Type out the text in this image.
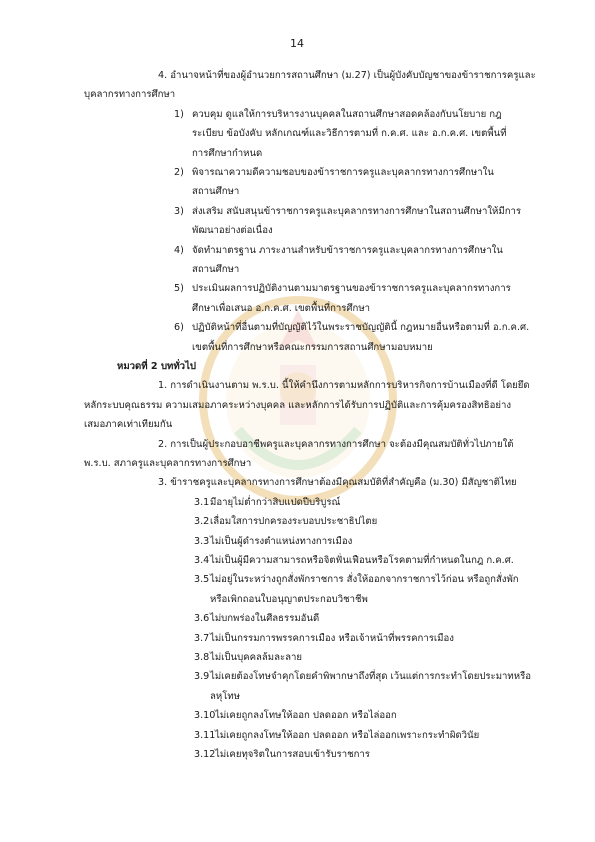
14
4. อำนาจหน้าที่ของผู้อำนวยการสถานศึกษา (ม.27) เป็นผู้บังคับบัญชาของข้าราชการครูและ
บุคลากรทางการศึกษา
1) ควบคุม ดูแลให้การบริหารงานบุคคลในสถานศึกษาสอดคล้องกับนโยบาย กฎ
ระเบียบ ข้อบังคับ หลักเกณฑ์และวิธีการตามที่ ก.ค.ศ. และ อ.ก.ค.ศ. เขตพื้นที่
การศึกษากำหนด
2) พิจารณาความดีความชอบของข้าราชการครูและบุคลากรทางการศึกษาใน
สถานศึกษา
3) ส่งเสริม สนับสนุนข้าราชการครูและบุคลากรทางการศึกษาในสถานศึกษาให้มีการ
พัฒนาอย่างต่อเนื่อง
4) จัดทำมาตรฐาน ภาระงานสำหรับข้าราชการครูและบุคลากรทางการศึกษาใน
สถานศึกษา
5) ประเมินผลการปฏิบัติงานตามมาตรฐานของข้าราชการครูและบุคลากรทางการ
ศึกษาเพื่อเสนอ อ.ก.ค.ศ. เขตพื้นที่การศึกษา
6) ปฏิบัติหน้าที่อื่นตามที่บัญญัติไว้ในพระราชบัญญัตินี้ กฎหมายอื่นหรือตามที่ อ.ก.ค.ศ.
เขตพื้นที่การศึกษาหรือคณะกรรมการสถานศึกษามอบหมาย
หมวดที่ 2 บททั่วไป
1. การดำเนินงานตาม พ.ร.บ. นี้ให้คำนึงการตามหลักการบริหารกิจการบ้านเมืองที่ดี โดยยึด
หลักระบบคุณธรรม ความเสมอภาคระหว่างบุคคล และหลักการได้รับการปฏิบัติและการคุ้มครองสิทธิอย่าง
เสมอภาคเท่าเทียมกัน
2. การเป็นผู้ประกอบอาชีพครูและบุคลากรทางการศึกษา จะต้องมีคุณสมบัติทั่วไปภายใต้
พ.ร.บ. สภาครูและบุคลากรทางการศึกษา
3. ข้าราชครูและบุคลากรทางการศึกษาต้องมีคุณสมบัติที่สำคัญคือ (ม.30) มีสัญชาติไทย
3.1 มีอายุไม่ต่ำกว่าสิบแปดปีบริบูรณ์
3.2 เลื่อมใสการปกครองระบอบประชาธิปไตย
3.3 ไม่เป็นผู้ดำรงตำแหน่งทางการเมือง
3.4 ไม่เป็นผู้มีความสามารถหรือจิตฟั่นเฟือนหรือโรคตามที่กำหนดในกฎ ก.ค.ศ.
3.5 ไม่อยู่ในระหว่างถูกสั่งพักราชการ สั่งให้ออกจากราชการไว้ก่อน หรือถูกสั่งพัก
หรือเพิกถอนใบอนุญาตประกอบวิชาชีพ
3.6 ไม่บกพร่องในศีลธรรมอันดี
3.7 ไม่เป็นกรรมการพรรคการเมือง หรือเจ้าหน้าที่พรรคการเมือง
3.8 ไม่เป็นบุคคลล้มละลาย
3.9 ไม่เคยต้องโทษจำคุกโดยคำพิพากษาถึงที่สุด เว้นแต่การกระทำโดยประมาทหรือ
ลหุโทษ
3.10 ไม่เคยถูกลงโทษให้ออก ปลดออก หรือไล่ออก
3.11 ไม่เคยถูกลงโทษให้ออก ปลดออก หรือไล่ออกเพราะกระทำผิดวินัย
3.12 ไม่เคยทุจริตในการสอบเข้ารับราชการ
